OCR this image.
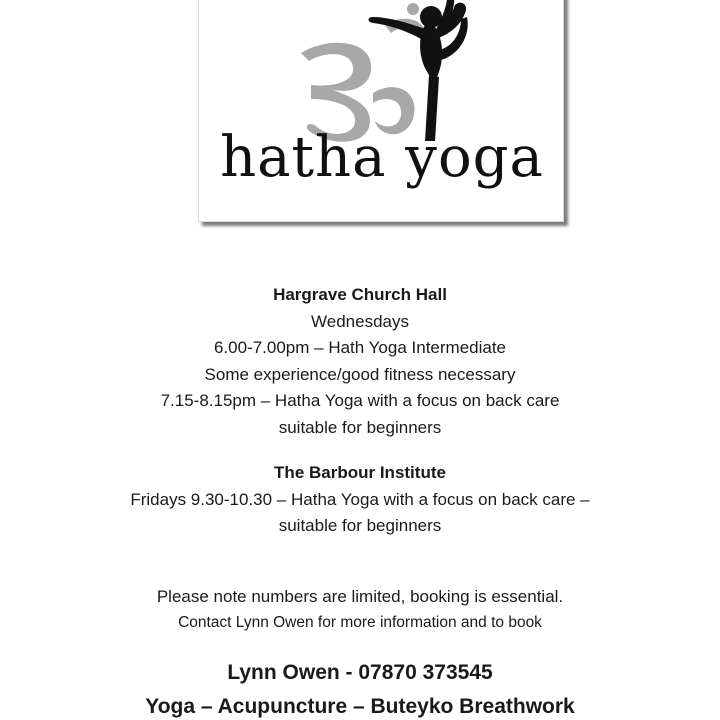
hatha yoga
Hargrave Church Hall
Wednesdays
6.00-7.00pm – Hath Yoga Intermediate
Some experience/good fitness necessary
7.15-8.15pm – Hatha Yoga with a focus on back care
suitable for beginners
The Barbour Institute
Fridays 9.30-10.30 – Hatha Yoga with a focus on back care –
suitable for beginners
Please note numbers are limited, booking is essential.
Contact Lynn Owen for more information and to book
Lynn Owen - 07870 373545
Yoga – Acupuncture – Buteyko Breathwork
